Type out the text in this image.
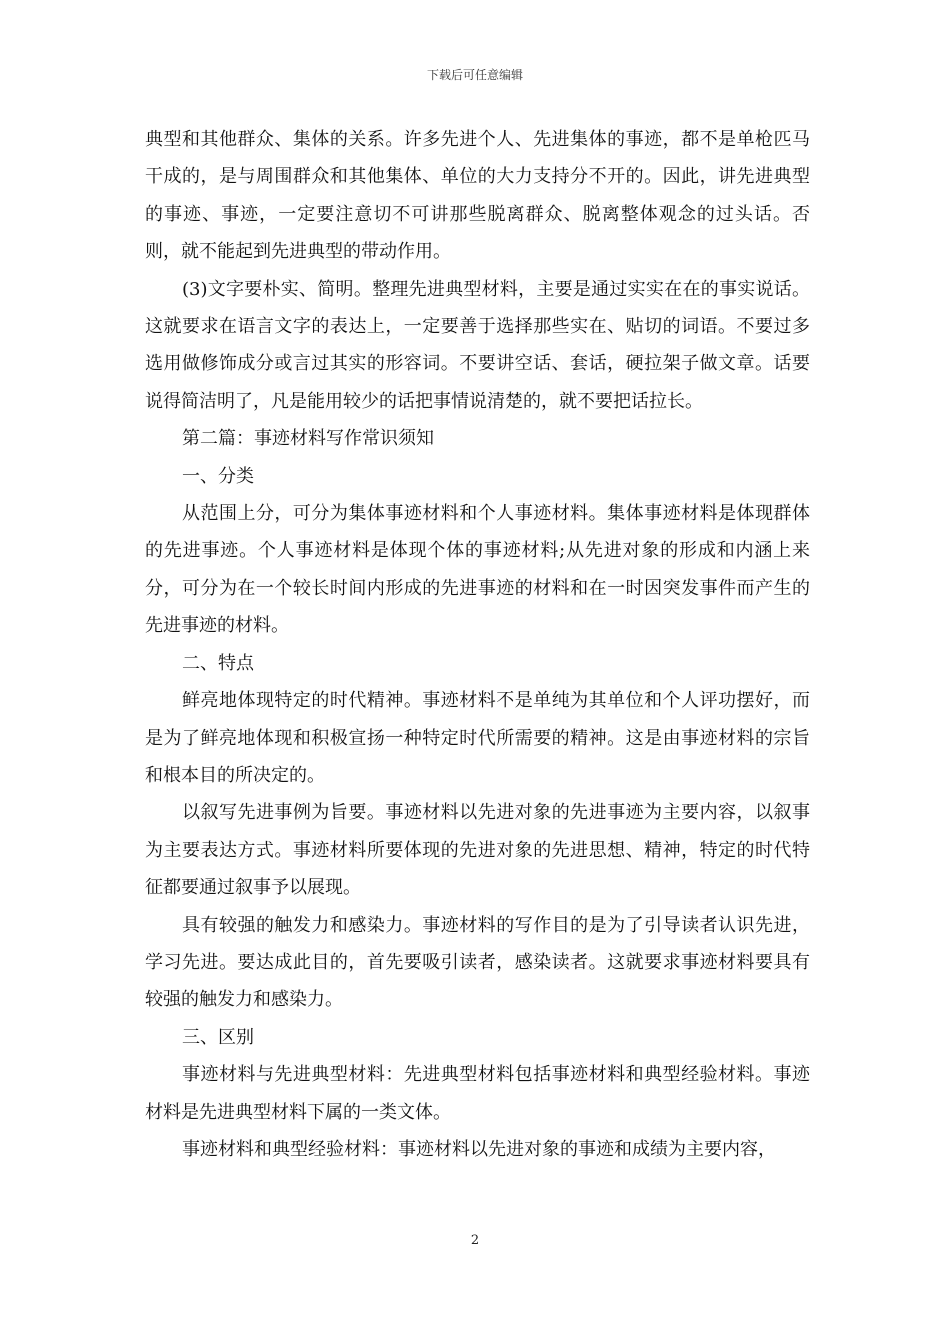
下载后可任意编辑

典型和其他群众、集体的关系。许多先进个人、先进集体的事迹，都不是单枪匹马干成的，是与周围群众和其他集体、单位的大力支持分不开的。因此，讲先进典型的事迹、事迹，一定要注意切不可讲那些脱离群众、脱离整体观念的过头话。否则，就不能起到先进典型的带动作用。

(3)文字要朴实、简明。整理先进典型材料，主要是通过实实在在的事实说话。这就要求在语言文字的表达上，一定要善于选择那些实在、贴切的词语。不要过多选用做修饰成分或言过其实的形容词。不要讲空话、套话，硬拉架子做文章。话要说得简洁明了，凡是能用较少的话把事情说清楚的，就不要把话拉长。

第二篇：事迹材料写作常识须知

一、分类

从范围上分，可分为集体事迹材料和个人事迹材料。集体事迹材料是体现群体的先进事迹。个人事迹材料是体现个体的事迹材料;从先进对象的形成和内涵上来分，可分为在一个较长时间内形成的先进事迹的材料和在一时因突发事件而产生的先进事迹的材料。

二、特点

鲜亮地体现特定的时代精神。事迹材料不是单纯为其单位和个人评功摆好，而是为了鲜亮地体现和积极宣扬一种特定时代所需要的精神。这是由事迹材料的宗旨和根本目的所决定的。

以叙写先进事例为旨要。事迹材料以先进对象的先进事迹为主要内容，以叙事为主要表达方式。事迹材料所要体现的先进对象的先进思想、精神，特定的时代特征都要通过叙事予以展现。

具有较强的触发力和感染力。事迹材料的写作目的是为了引导读者认识先进，学习先进。要达成此目的，首先要吸引读者，感染读者。这就要求事迹材料要具有较强的触发力和感染力。

三、区别

事迹材料与先进典型材料：先进典型材料包括事迹材料和典型经验材料。事迹材料是先进典型材料下属的一类文体。

事迹材料和典型经验材料：事迹材料以先进对象的事迹和成绩为主要内容，

2
